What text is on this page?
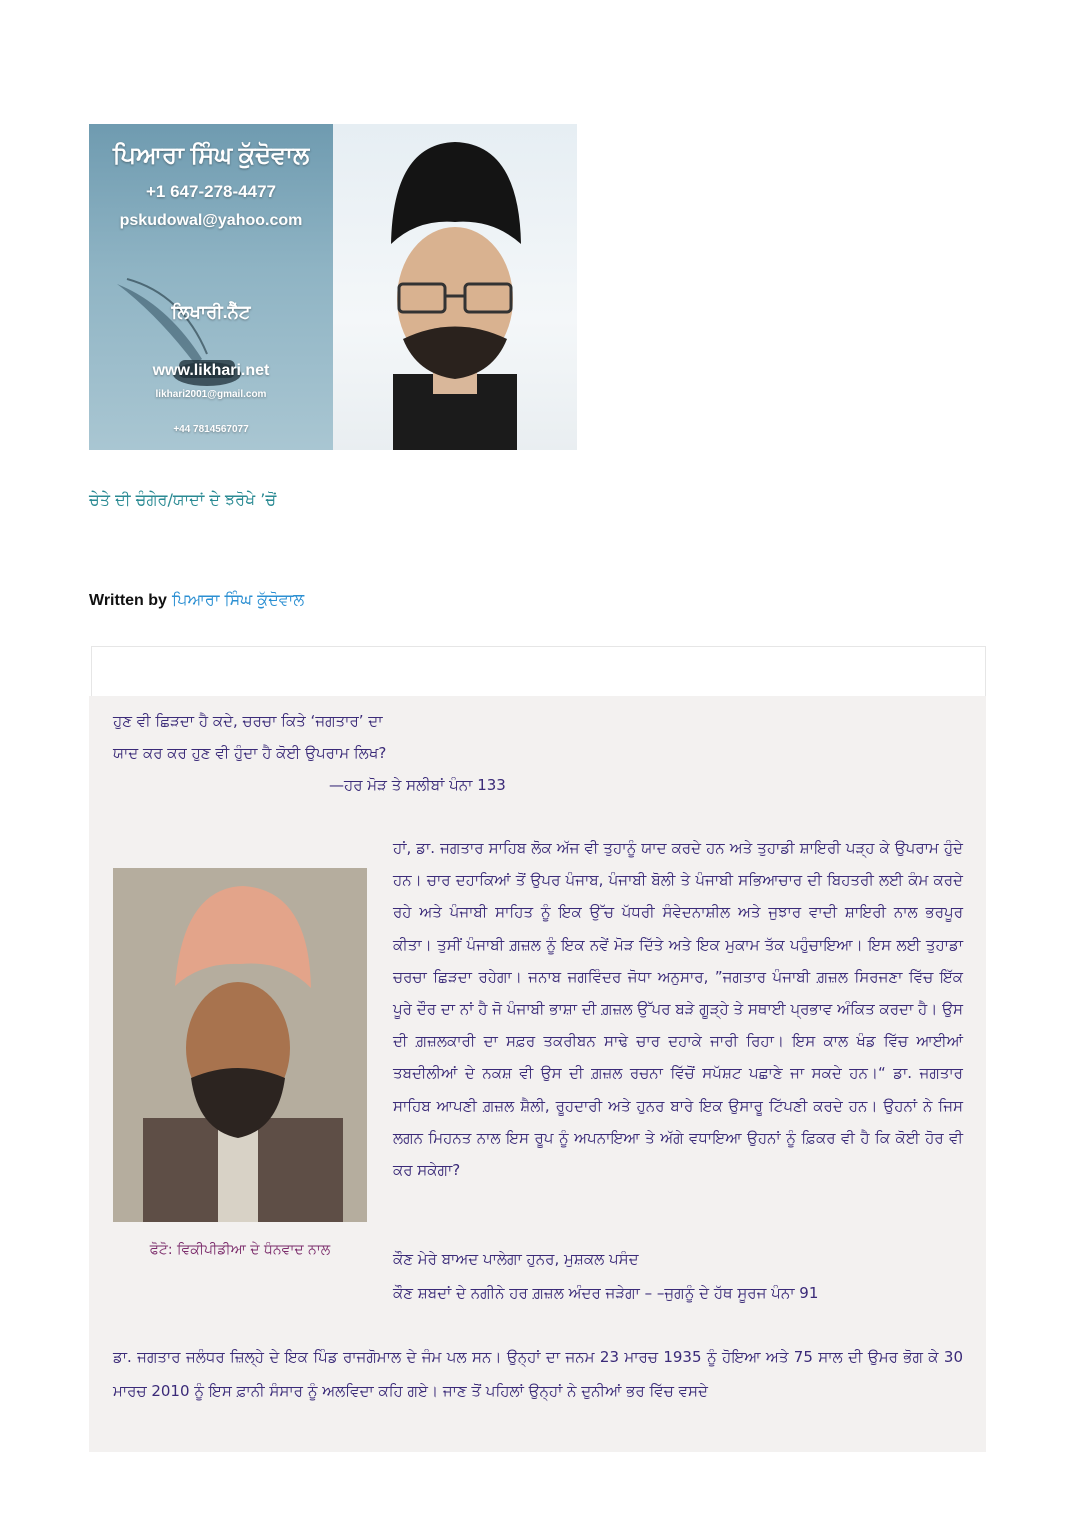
ਪਿਆਰਾ ਸਿੰਘ ਕੁੱਦੋਵਾਲ
+1 647-278-4477
pskudowal@yahoo.com
ਲਿਖਾਰੀ.ਨੈੱਟ
www.likhari.net
likhari2001@gmail.com
+44 7814567077
ਚੇਤੇ ਦੀ ਚੰਗੇਰ/ਯਾਦਾਂ ਦੇ ਝਰੋਖੇ ’ਚੋਂ
Written by ਪਿਆਰਾ ਸਿੰਘ ਕੁੱਦੋਵਾਲ
ਹੁਣ ਵੀ ਛਿੜਦਾ ਹੈ ਕਦੇ, ਚਰਚਾ ਕਿਤੇ ‘ਜਗਤਾਰ’ ਦਾ
ਯਾਦ ਕਰ ਕਰ ਹੁਣ ਵੀ ਹੁੰਦਾ ਹੈ ਕੋਈ ਉਪਰਾਮ ਲਿਖ?
—ਹਰ ਮੋੜ ਤੇ ਸਲੀਬਾਂ ਪੰਨਾ 133
ਫੋਟੋ: ਵਿਕੀਪੀਡੀਆ ਦੇ ਧੰਨਵਾਦ ਨਾਲ

ਹਾਂ, ਡਾ. ਜਗਤਾਰ ਸਾਹਿਬ ਲੋਕ ਅੱਜ ਵੀ ਤੁਹਾਨੂੰ ਯਾਦ ਕਰਦੇ ਹਨ ਅਤੇ ਤੁਹਾਡੀ ਸ਼ਾਇਰੀ ਪੜ੍ਹ ਕੇ ਉਪਰਾਮ ਹੁੰਦੇ ਹਨ। ਚਾਰ ਦਹਾਕਿਆਂ ਤੋਂ ਉਪਰ ਪੰਜਾਬ, ਪੰਜਾਬੀ ਬੋਲੀ ਤੇ ਪੰਜਾਬੀ ਸਭਿਆਚਾਰ ਦੀ ਬਿਹਤਰੀ ਲਈ ਕੰਮ ਕਰਦੇ ਰਹੇ ਅਤੇ ਪੰਜਾਬੀ ਸਾਹਿਤ ਨੂੰ ਇਕ ਉੱਚ ਪੱਧਰੀ ਸੰਵੇਦਨਾਸ਼ੀਲ ਅਤੇ ਜੁਝਾਰ ਵਾਦੀ ਸ਼ਾਇਰੀ ਨਾਲ ਭਰਪੂਰ ਕੀਤਾ। ਤੁਸੀਂ ਪੰਜਾਬੀ ਗ਼ਜ਼ਲ ਨੂੰ ਇਕ ਨਵੇਂ ਮੋੜ ਦਿੱਤੇ ਅਤੇ ਇਕ ਮੁਕਾਮ ਤੱਕ ਪਹੁੰਚਾਇਆ। ਇਸ ਲਈ ਤੁਹਾਡਾ ਚਰਚਾ ਛਿੜਦਾ ਰਹੇਗਾ। ਜਨਾਬ ਜਗਵਿੰਦਰ ਜੋਧਾ ਅਨੁਸਾਰ, ”ਜਗਤਾਰ ਪੰਜਾਬੀ ਗ਼ਜ਼ਲ ਸਿਰਜਣਾ ਵਿੱਚ ਇੱਕ ਪੂਰੇ ਦੌਰ ਦਾ ਨਾਂ ਹੈ ਜੋ ਪੰਜਾਬੀ ਭਾਸ਼ਾ ਦੀ ਗ਼ਜ਼ਲ ਉੱਪਰ ਬੜੇ ਗੂੜ੍ਹੇ ਤੇ ਸਥਾਈ ਪ੍ਰਭਾਵ ਅੰਕਿਤ ਕਰਦਾ ਹੈ। ਉਸ ਦੀ ਗ਼ਜ਼ਲਕਾਰੀ ਦਾ ਸਫ਼ਰ ਤਕਰੀਬਨ ਸਾਢੇ ਚਾਰ ਦਹਾਕੇ ਜਾਰੀ ਰਿਹਾ। ਇਸ ਕਾਲ ਖੰਡ ਵਿੱਚ ਆਈਆਂ ਤਬਦੀਲੀਆਂ ਦੇ ਨਕਸ਼ ਵੀ ਉਸ ਦੀ ਗ਼ਜ਼ਲ ਰਚਨਾ ਵਿੱਚੋਂ ਸਪੱਸ਼ਟ ਪਛਾਣੇ ਜਾ ਸਕਦੇ ਹਨ।“ ਡਾ. ਜਗਤਾਰ ਸਾਹਿਬ ਆਪਣੀ ਗ਼ਜ਼ਲ ਸ਼ੈਲੀ, ਰੂਹਦਾਰੀ ਅਤੇ ਹੁਨਰ ਬਾਰੇ ਇਕ ਉਸਾਰੂ ਟਿੱਪਣੀ ਕਰਦੇ ਹਨ। ਉਹਨਾਂ ਨੇ ਜਿਸ ਲਗਨ ਮਿਹਨਤ ਨਾਲ ਇਸ ਰੂਪ ਨੂੰ ਅਪਨਾਇਆ ਤੇ ਅੱਗੇ ਵਧਾਇਆ ਉਹਨਾਂ ਨੂੰ ਫ਼ਿਕਰ ਵੀ ਹੈ ਕਿ ਕੋਈ ਹੋਰ ਵੀ ਕਰ ਸਕੇਗਾ?

ਕੌਣ ਮੇਰੇ ਬਾਅਦ ਪਾਲੇਗਾ ਹੁਨਰ, ਮੁਸ਼ਕਲ ਪਸੰਦ
ਕੌਣ ਸ਼ਬਦਾਂ ਦੇ ਨਗੀਨੇ ਹਰ ਗ਼ਜ਼ਲ ਅੰਦਰ ਜੜੇਗਾ – –ਜੁਗਨੂੰ ਦੇ ਹੱਥ ਸੂਰਜ ਪੰਨਾ 91

ਡਾ. ਜਗਤਾਰ ਜਲੰਧਰ ਜ਼ਿਲ੍ਹੇ ਦੇ ਇਕ ਪਿੰਡ ਰਾਜਗੋਮਾਲ ਦੇ ਜੰਮ ਪਲ ਸਨ। ਉਨ੍ਹਾਂ ਦਾ ਜਨਮ 23 ਮਾਰਚ 1935 ਨੂੰ ਹੋਇਆ ਅਤੇ 75 ਸਾਲ ਦੀ ਉਮਰ ਭੋਗ ਕੇ 30 ਮਾਰਚ 2010 ਨੂੰ ਇਸ ਫ਼ਾਨੀ ਸੰਸਾਰ ਨੂੰ ਅਲਵਿਦਾ ਕਹਿ ਗਏ। ਜਾਣ ਤੋਂ ਪਹਿਲਾਂ ਉਨ੍ਹਾਂ ਨੇ ਦੁਨੀਆਂ ਭਰ ਵਿੱਚ ਵਸਦੇ
